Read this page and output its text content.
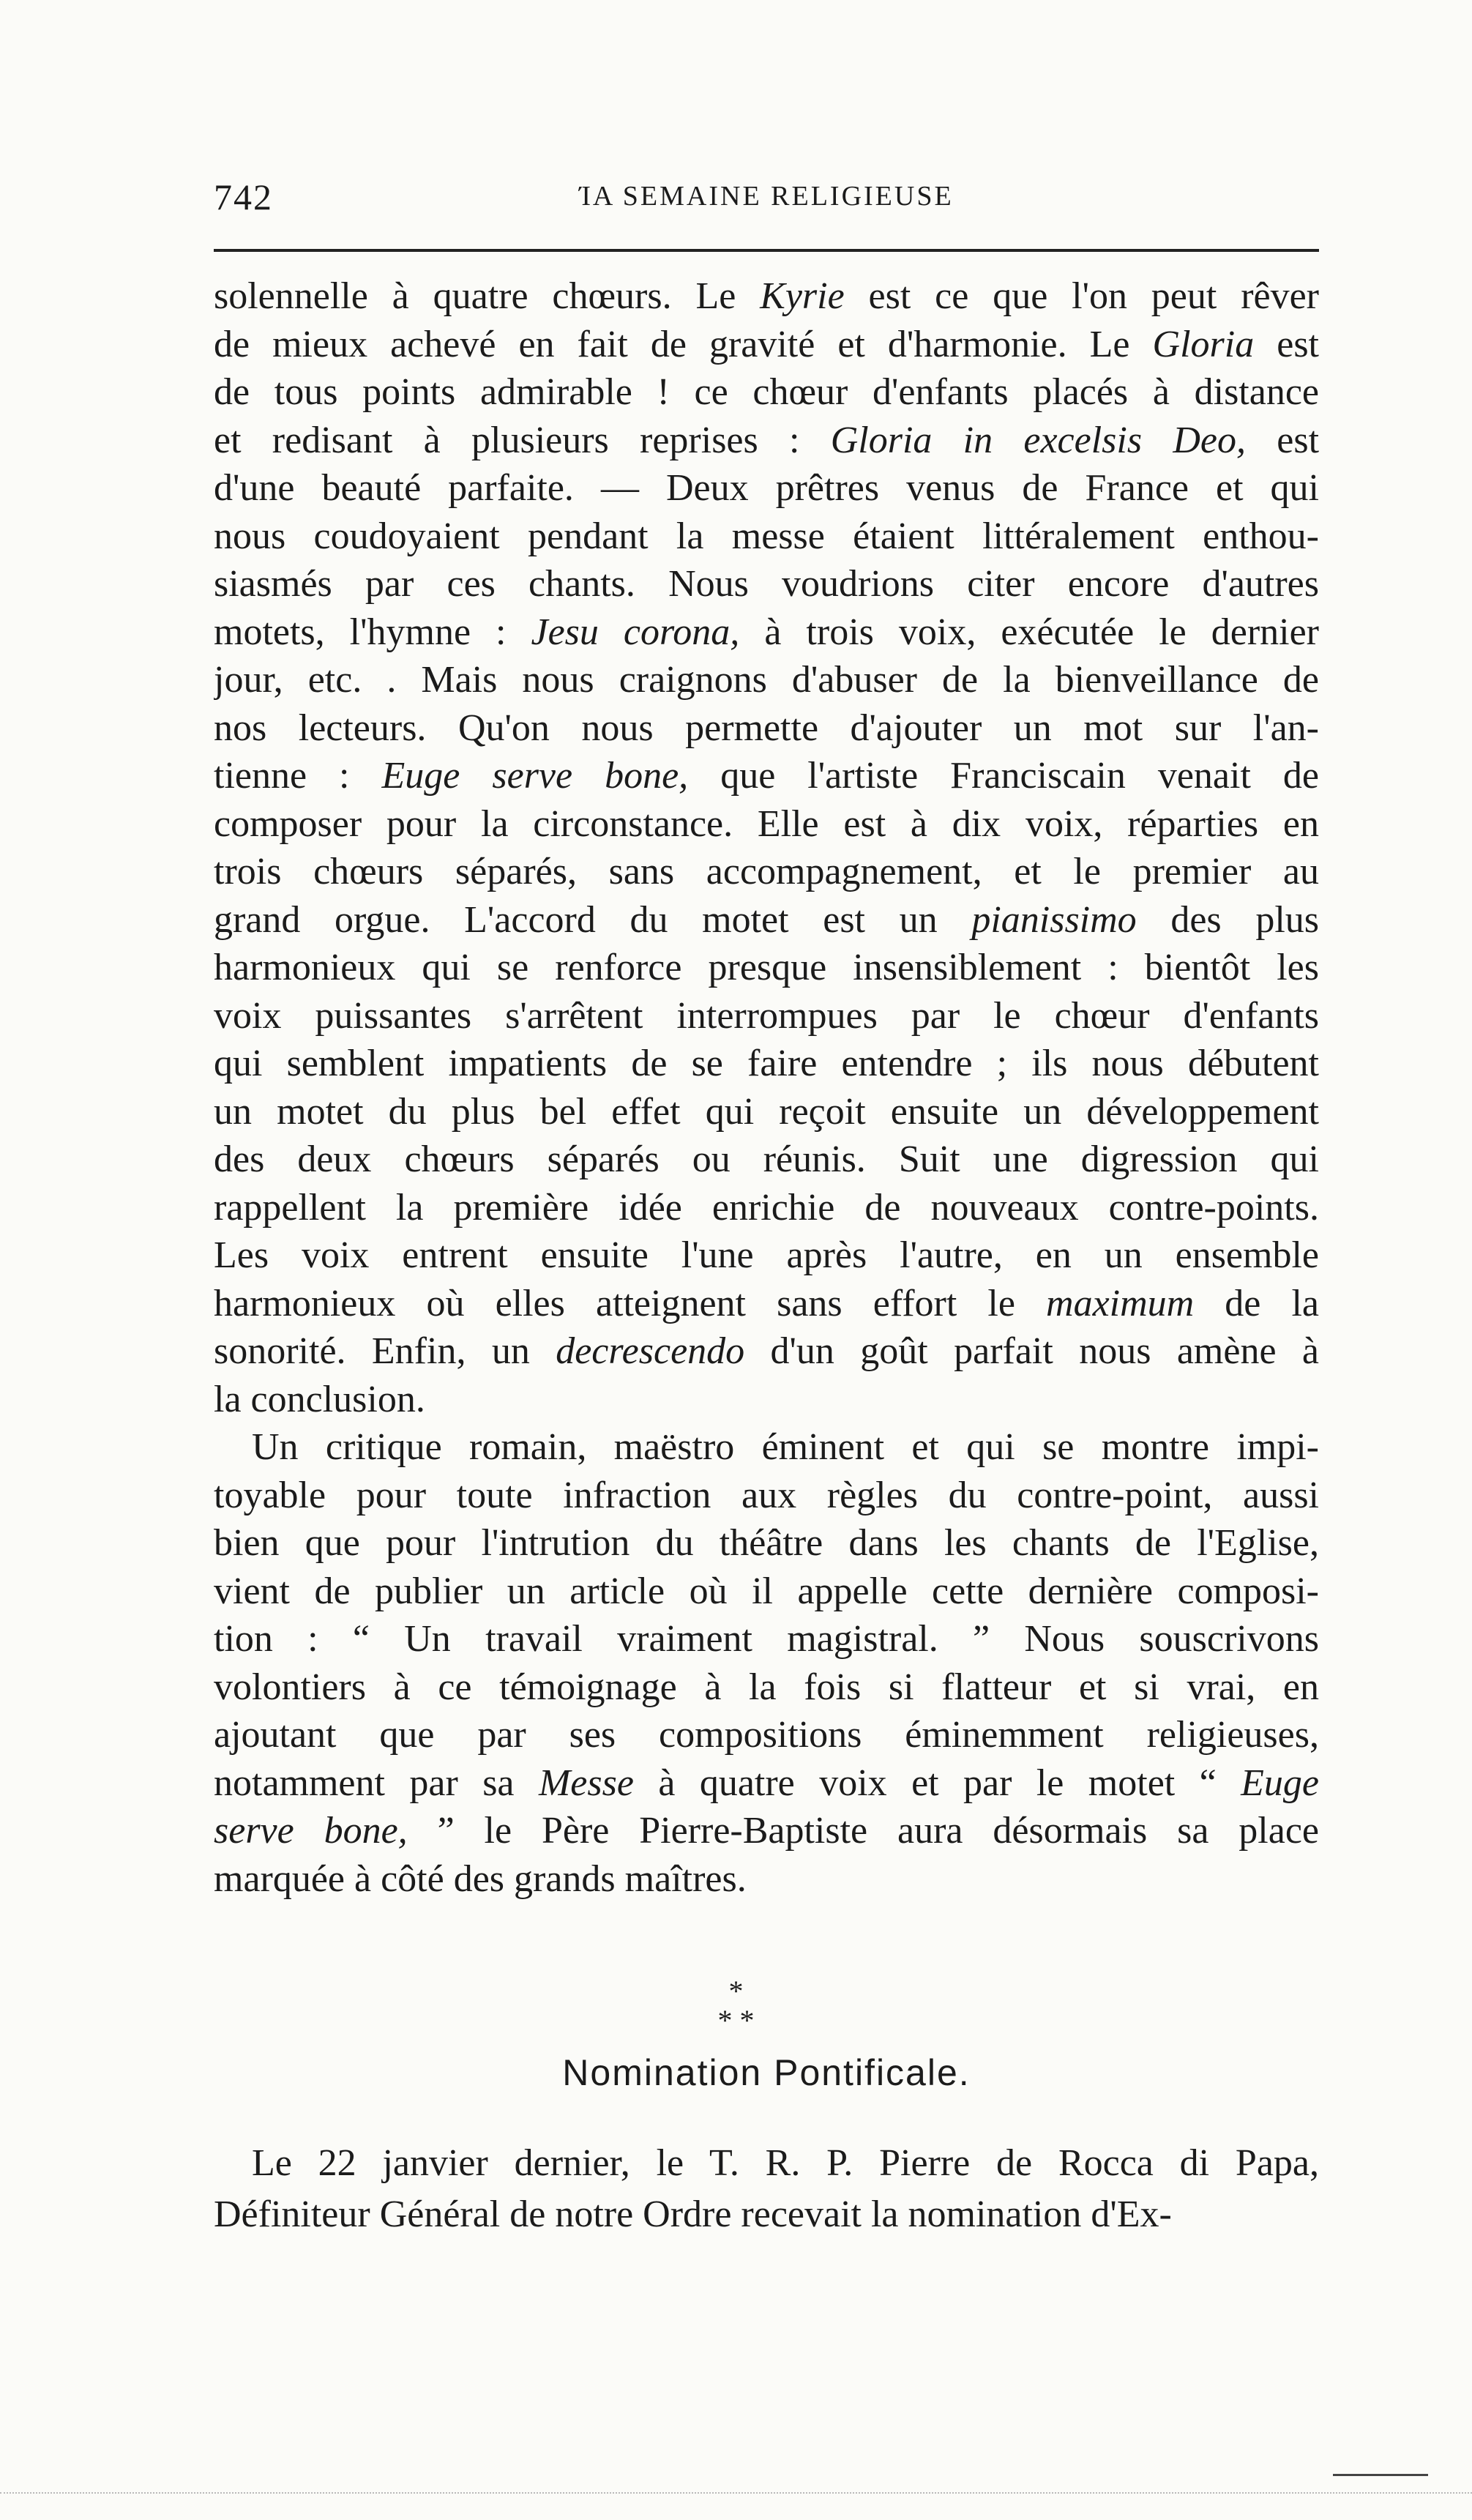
742	ΊA SEMAINE RELIGIEUSE
solennelle à quatre chœurs. Le Kyrie est ce que l'on peut rêver
de mieux achevé en fait de gravité et d'harmonie. Le Gloria est
de tous points admirable ! ce chœur d'enfants placés à distance
et redisant à plusieurs reprises : Gloria in excelsis Deo, est
d'une beauté parfaite. — Deux prêtres venus de France et qui
nous coudoyaient pendant la messe étaient littéralement enthou-
siasmés par ces chants. Nous voudrions citer encore d'autres
motets, l'hymne : Jesu corona, à trois voix, exécutée le dernier
jour, etc. . Mais nous craignons d'abuser de la bienveillance de
nos lecteurs. Qu'on nous permette d'ajouter un mot sur l'an-
tienne : Euge serve bone, que l'artiste Franciscain venait de
composer pour la circonstance. Elle est à dix voix, réparties en
trois chœurs séparés, sans accompagnement, et le premier au
grand orgue. L'accord du motet est un pianissimo des plus
harmonieux qui se renforce presque insensiblement : bientôt les
voix puissantes s'arrêtent interrompues par le chœur d'enfants
qui semblent impatients de se faire entendre ; ils nous débutent
un motet du plus bel effet qui reçoit ensuite un développement
des deux chœurs séparés ou réunis. Suit une digression qui
rappellent la première idée enrichie de nouveaux contre-points.
Les voix entrent ensuite l'une après l'autre, en un ensemble
harmonieux où elles atteignent sans effort le maximum de la
sonorité. Enfin, un decrescendo d'un goût parfait nous amène à
la conclusion.
Un critique romain, maëstro éminent et qui se montre impi-
toyable pour toute infraction aux règles du contre-point, aussi
bien que pour l'intrution du théâtre dans les chants de l'Eglise,
vient de publier un article où il appelle cette dernière composi-
tion : “ Un travail vraiment magistral. ” Nous souscrivons
volontiers à ce témoignage à la fois si flatteur et si vrai, en
ajoutant que par ses compositions éminemment religieuses,
notamment par sa Messe à quatre voix et par le motet “ Euge
serve bone, ” le Père Pierre-Baptiste aura désormais sa place
marquée à côté des grands maîtres.
*
* *
Nomination Pontificale.
Le 22 janvier dernier, le T. R. P. Pierre de Rocca di Papa,
Définiteur Général de notre Ordre recevait la nomination d'Ex-
